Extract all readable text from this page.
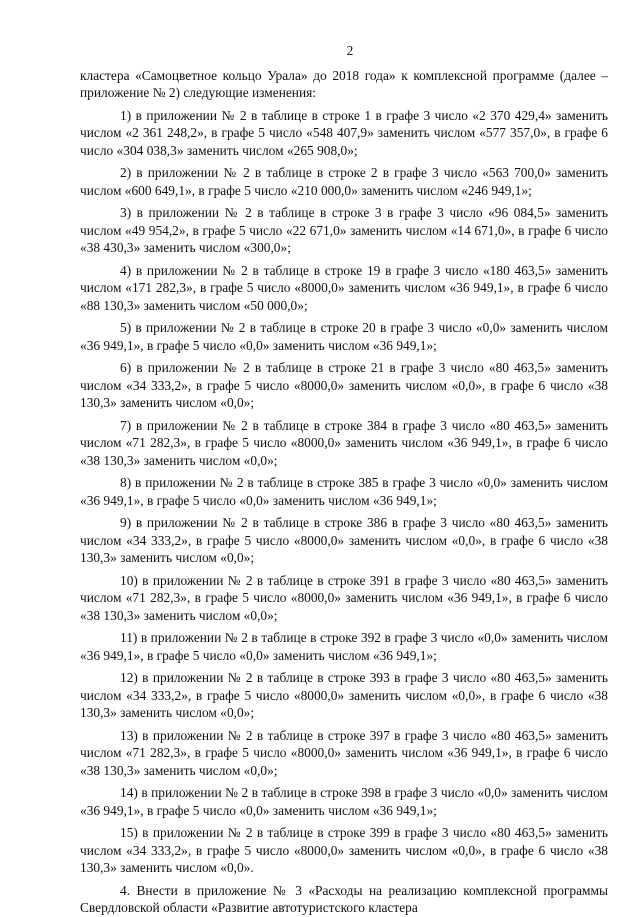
2

кластера «Самоцветное кольцо Урала» до 2018 года» к комплексной программе (далее – приложение № 2) следующие изменения:

1) в приложении № 2 в таблице в строке 1 в графе 3 число «2 370 429,4» заменить числом «2 361 248,2», в графе 5 число «548 407,9» заменить числом «577 357,0», в графе 6 число «304 038,3» заменить числом «265 908,0»;

2) в приложении № 2 в таблице в строке 2 в графе 3 число «563 700,0» заменить числом «600 649,1», в графе 5 число «210 000,0» заменить числом «246 949,1»;

3) в приложении № 2 в таблице в строке 3 в графе 3 число «96 084,5» заменить числом «49 954,2», в графе 5 число «22 671,0» заменить числом «14 671,0», в графе 6 число «38 430,3» заменить числом «300,0»;

4) в приложении № 2 в таблице в строке 19 в графе 3 число «180 463,5» заменить числом «171 282,3», в графе 5 число «8000,0» заменить числом «36 949,1», в графе 6 число «88 130,3» заменить числом «50 000,0»;

5) в приложении № 2 в таблице в строке 20 в графе 3 число «0,0» заменить числом «36 949,1», в графе 5 число «0,0» заменить числом «36 949,1»;

6) в приложении № 2 в таблице в строке 21 в графе 3 число «80 463,5» заменить числом «34 333,2», в графе 5 число «8000,0» заменить числом «0,0», в графе 6 число «38 130,3» заменить числом «0,0»;

7) в приложении № 2 в таблице в строке 384 в графе 3 число «80 463,5» заменить числом «71 282,3», в графе 5 число «8000,0» заменить числом «36 949,1», в графе 6 число «38 130,3» заменить числом «0,0»;

8) в приложении № 2 в таблице в строке 385 в графе 3 число «0,0» заменить числом «36 949,1», в графе 5 число «0,0» заменить числом «36 949,1»;

9) в приложении № 2 в таблице в строке 386 в графе 3 число «80 463,5» заменить числом «34 333,2», в графе 5 число «8000,0» заменить числом «0,0», в графе 6 число «38 130,3» заменить числом «0,0»;

10) в приложении № 2 в таблице в строке 391 в графе 3 число «80 463,5» заменить числом «71 282,3», в графе 5 число «8000,0» заменить числом «36 949,1», в графе 6 число «38 130,3» заменить числом «0,0»;

11) в приложении № 2 в таблице в строке 392 в графе 3 число «0,0» заменить числом «36 949,1», в графе 5 число «0,0» заменить числом «36 949,1»;

12) в приложении № 2 в таблице в строке 393 в графе 3 число «80 463,5» заменить числом «34 333,2», в графе 5 число «8000,0» заменить числом «0,0», в графе 6 число «38 130,3» заменить числом «0,0»;

13) в приложении № 2 в таблице в строке 397 в графе 3 число «80 463,5» заменить числом «71 282,3», в графе 5 число «8000,0» заменить числом «36 949,1», в графе 6 число «38 130,3» заменить числом «0,0»;

14) в приложении № 2 в таблице в строке 398 в графе 3 число «0,0» заменить числом «36 949,1», в графе 5 число «0,0» заменить числом «36 949,1»;

15) в приложении № 2 в таблице в строке 399 в графе 3 число «80 463,5» заменить числом «34 333,2», в графе 5 число «8000,0» заменить числом «0,0», в графе 6 число «38 130,3» заменить числом «0,0».

4. Внести в приложение № 3 «Расходы на реализацию комплексной программы Свердловской области «Развитие автотуристского кластера
